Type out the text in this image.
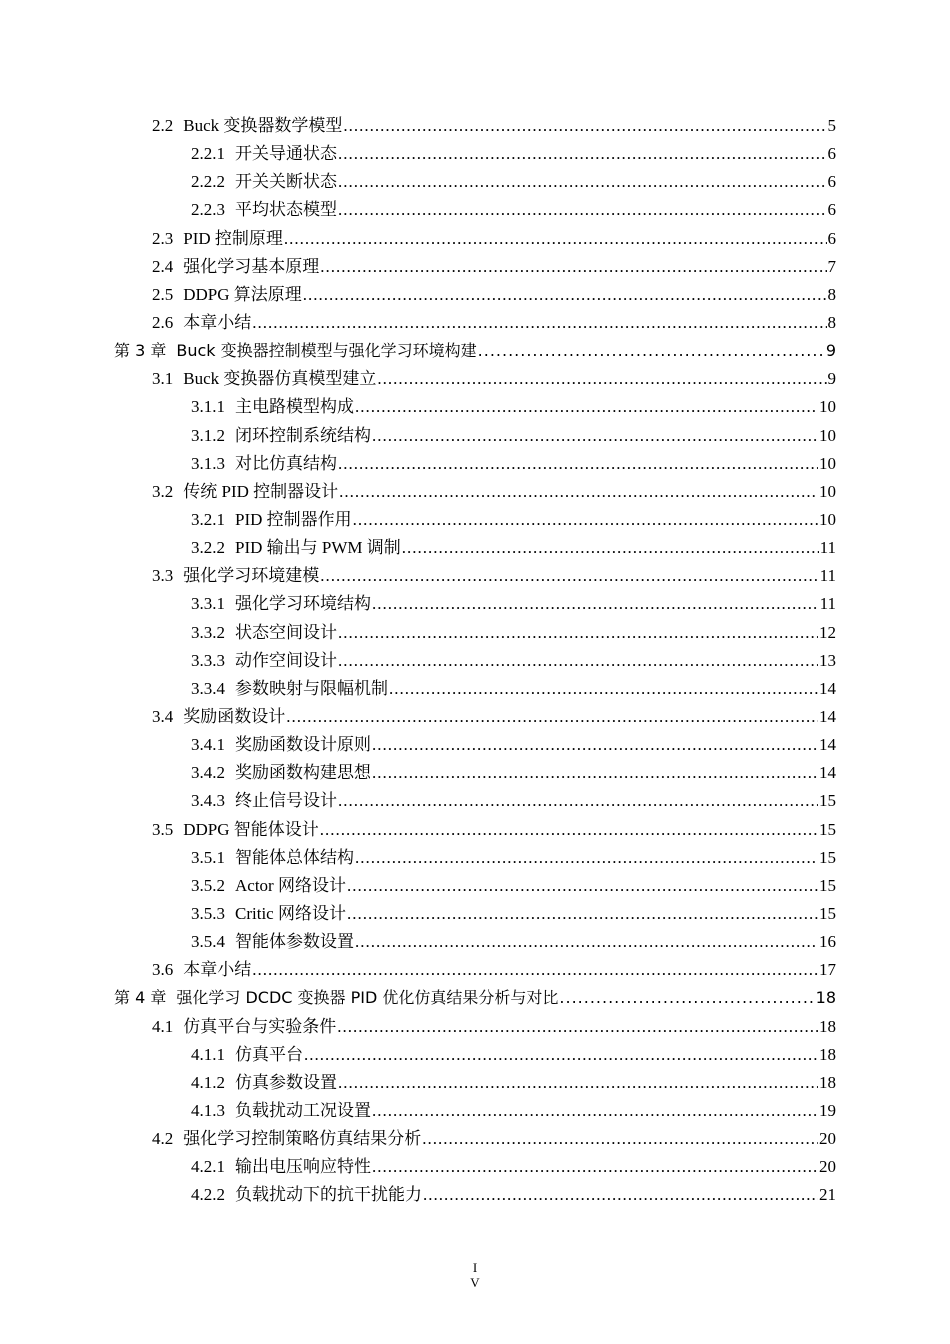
2.2 Buck 变换器数学模型 .....	5
2.2.1 开关导通状态 .....	6
2.2.2 开关关断状态 .....	6
2.2.3 平均状态模型 .....	6
2.3 PID 控制原理 .....	6
2.4 强化学习基本原理 .....	7
2.5 DDPG 算法原理 .....	8
2.6 本章小结 .....	8
第 3 章 Buck 变换器控制模型与强化学习环境构建 .....	9
3.1 Buck 变换器仿真模型建立 .....	9
3.1.1 主电路模型构成 .....	10
3.1.2 闭环控制系统结构 .....	10
3.1.3 对比仿真结构 .....	10
3.2 传统 PID 控制器设计 .....	10
3.2.1 PID 控制器作用 .....	10
3.2.2 PID 输出与 PWM 调制 .....	11
3.3 强化学习环境建模 .....	11
3.3.1 强化学习环境结构 .....	11
3.3.2 状态空间设计 .....	12
3.3.3 动作空间设计 .....	13
3.3.4 参数映射与限幅机制 .....	14
3.4 奖励函数设计 .....	14
3.4.1 奖励函数设计原则 .....	14
3.4.2 奖励函数构建思想 .....	14
3.4.3 终止信号设计 .....	15
3.5 DDPG 智能体设计 .....	15
3.5.1 智能体总体结构 .....	15
3.5.2 Actor 网络设计 .....	15
3.5.3 Critic 网络设计 .....	15
3.5.4 智能体参数设置 .....	16
3.6 本章小结 .....	17
第 4 章 强化学习 DCDC 变换器 PID 优化仿真结果分析与对比 .....	18
4.1 仿真平台与实验条件 .....	18
4.1.1 仿真平台 .....	18
4.1.2 仿真参数设置 .....	18
4.1.3 负载扰动工况设置 .....	19
4.2 强化学习控制策略仿真结果分析 .....	20
4.2.1 输出电压响应特性 .....	20
4.2.2 负载扰动下的抗干扰能力 .....	21
I
V
